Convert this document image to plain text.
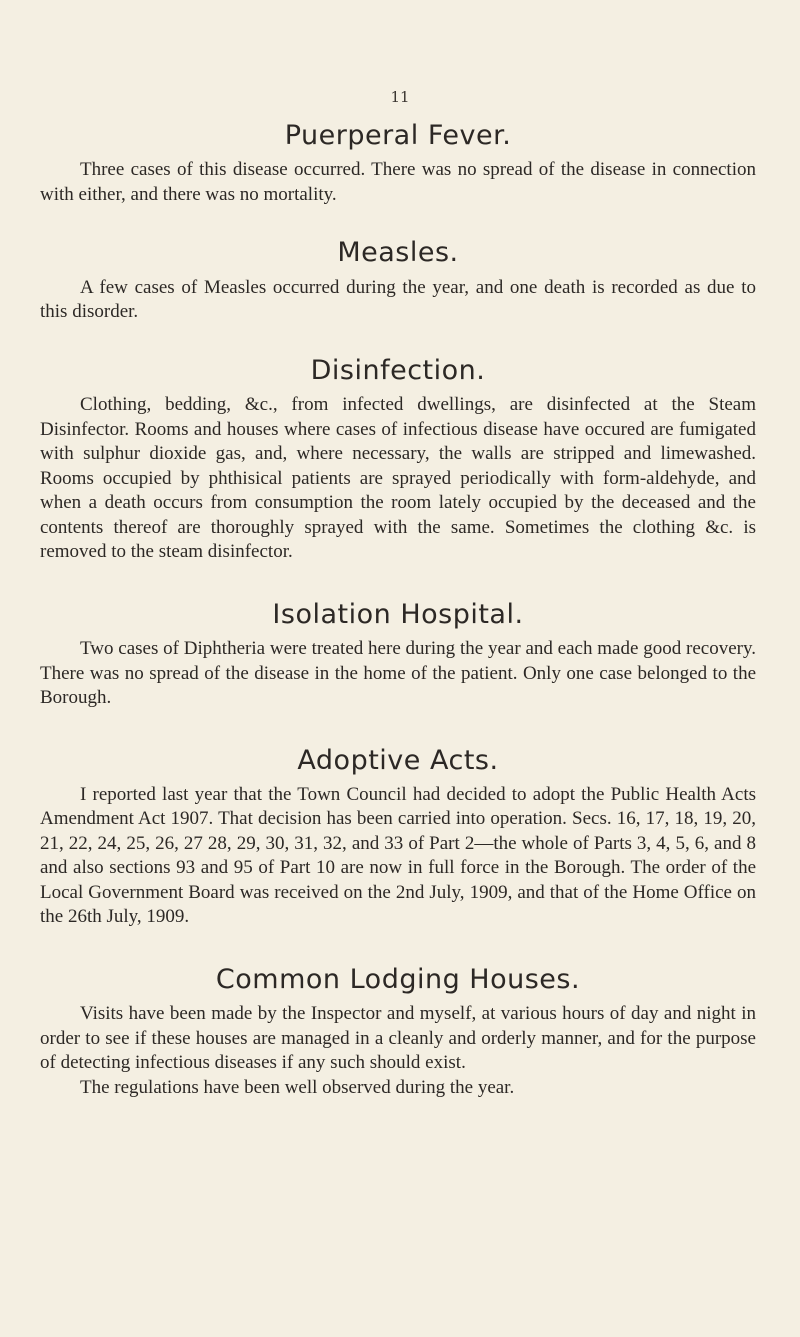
11
Puerperal Fever.

Three cases of this disease occurred. There was no spread of the disease in connection with either, and there was no mortality.

Measles.

A few cases of Measles occurred during the year, and one death is recorded as due to this disorder.

Disinfection.

Clothing, bedding, &c., from infected dwellings, are disinfected at the Steam Disinfector. Rooms and houses where cases of infectious disease have occured are fumigated with sulphur dioxide gas, and, where necessary, the walls are stripped and limewashed. Rooms occupied by phthisical patients are sprayed periodically with form-aldehyde, and when a death occurs from consumption the room lately occupied by the deceased and the contents thereof are thoroughly sprayed with the same. Sometimes the clothing &c. is removed to the steam disinfector.

Isolation Hospital.

Two cases of Diphtheria were treated here during the year and each made good recovery. There was no spread of the disease in the home of the patient. Only one case belonged to the Borough.

Adoptive Acts.

I reported last year that the Town Council had decided to adopt the Public Health Acts Amendment Act 1907. That decision has been carried into operation. Secs. 16, 17, 18, 19, 20, 21, 22, 24, 25, 26, 27 28, 29, 30, 31, 32, and 33 of Part 2—the whole of Parts 3, 4, 5, 6, and 8 and also sections 93 and 95 of Part 10 are now in full force in the Borough. The order of the Local Government Board was received on the 2nd July, 1909, and that of the Home Office on the 26th July, 1909.

Common Lodging Houses.

Visits have been made by the Inspector and myself, at various hours of day and night in order to see if these houses are managed in a cleanly and orderly manner, and for the purpose of detecting infectious diseases if any such should exist.

The regulations have been well observed during the year.
